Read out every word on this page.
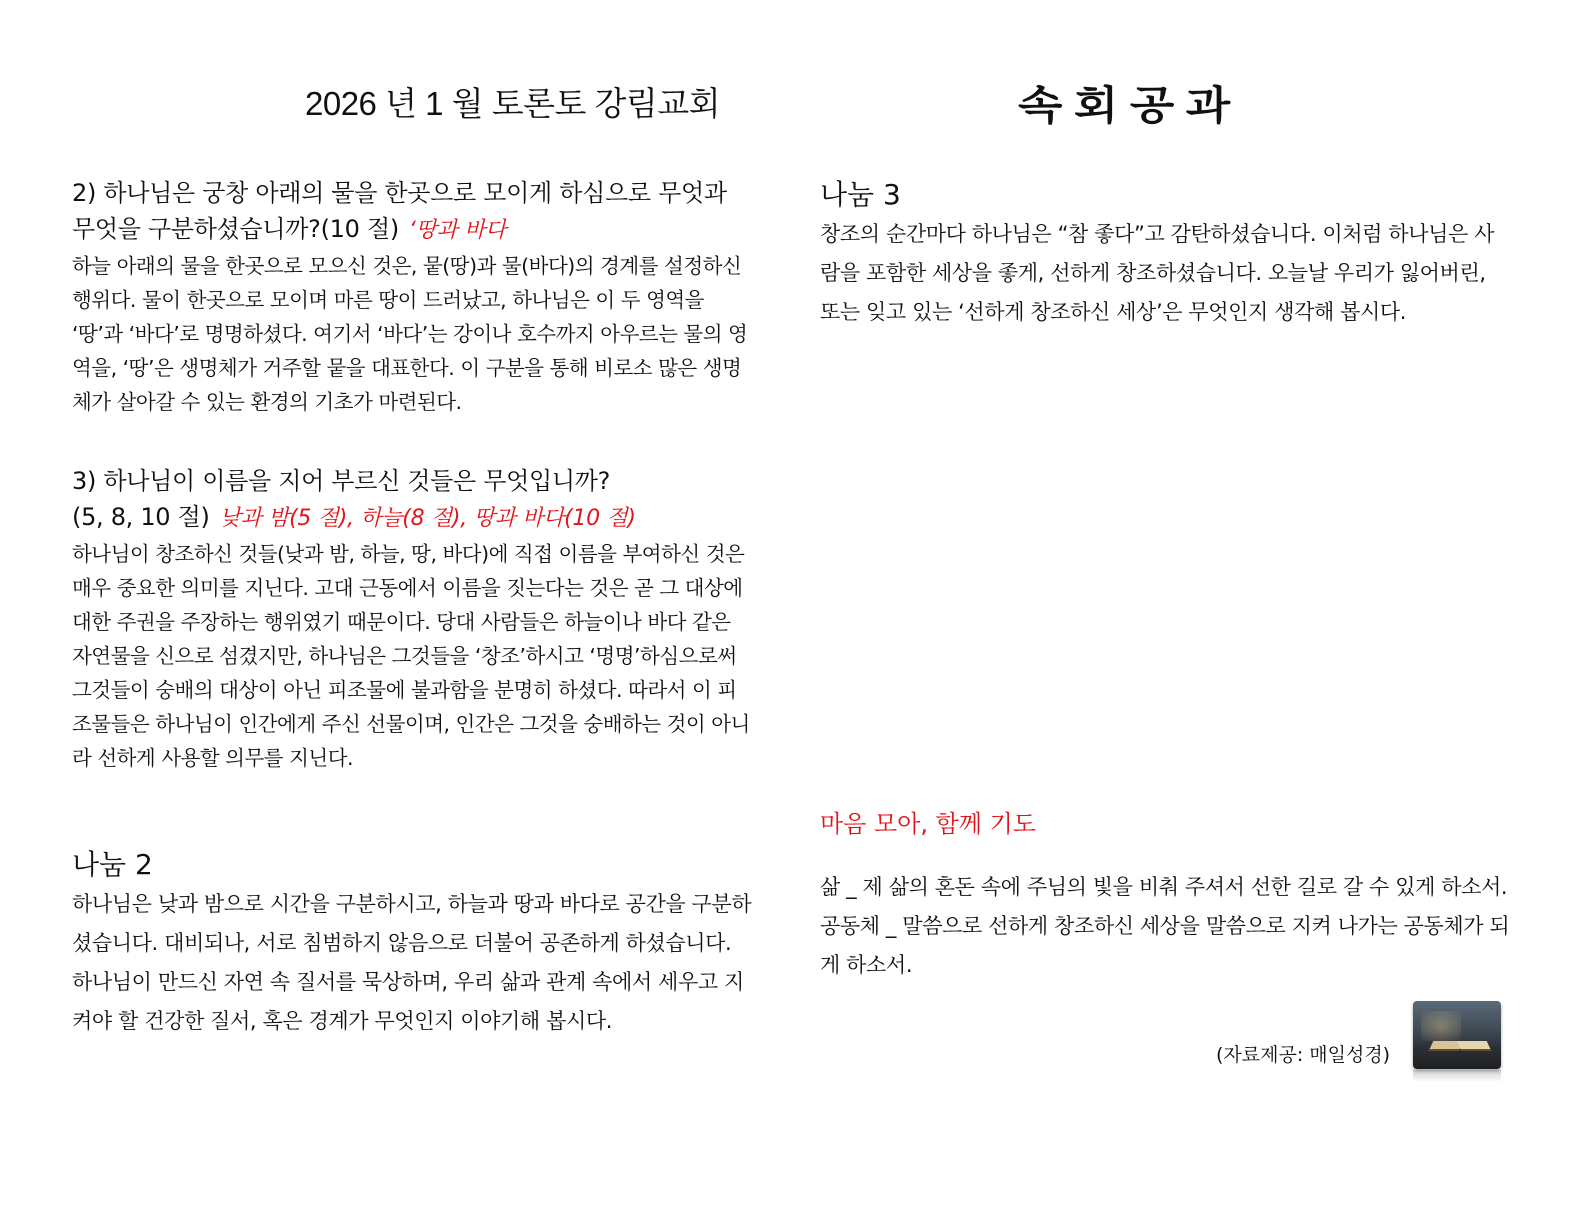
2026 년 1 월 토론토 강림교회	속회공과

2) 하나님은 궁창 아래의 물을 한곳으로 모이게 하심으로 무엇과

무엇을 구분하셨습니까?(10 절) ‘땅과 바다

하늘 아래의 물을 한곳으로 모으신 것은, 뭍(땅)과 물(바다)의 경계를 설정하신 행위다. 물이 한곳으로 모이며 마른 땅이 드러났고, 하나님은 이 두 영역을 ‘땅’과 ‘바다’로 명명하셨다. 여기서 ‘바다’는 강이나 호수까지 아우르는 물의 영역을, ‘땅’은 생명체가 거주할 뭍을 대표한다. 이 구분을 통해 비로소 많은 생명체가 살아갈 수 있는 환경의 기초가 마련된다.

3) 하나님이 이름을 지어 부르신 것들은 무엇입니까?

(5, 8, 10 절) 낮과 밤(5 절), 하늘(8 절), 땅과 바다(10 절)

하나님이 창조하신 것들(낮과 밤, 하늘, 땅, 바다)에 직접 이름을 부여하신 것은 매우 중요한 의미를 지닌다. 고대 근동에서 이름을 짓는다는 것은 곧 그 대상에 대한 주권을 주장하는 행위였기 때문이다. 당대 사람들은 하늘이나 바다 같은 자연물을 신으로 섬겼지만, 하나님은 그것들을 ‘창조’하시고 ‘명명’하심으로써 그것들이 숭배의 대상이 아닌 피조물에 불과함을 분명히 하셨다. 따라서 이 피조물들은 하나님이 인간에게 주신 선물이며, 인간은 그것을 숭배하는 것이 아니라 선하게 사용할 의무를 지닌다.

나눔 2

하나님은 낮과 밤으로 시간을 구분하시고, 하늘과 땅과 바다로 공간을 구분하셨습니다. 대비되나, 서로 침범하지 않음으로 더불어 공존하게 하셨습니다. 하나님이 만드신 자연 속 질서를 묵상하며, 우리 삶과 관계 속에서 세우고 지켜야 할 건강한 질서, 혹은 경계가 무엇인지 이야기해 봅시다.

나눔 3

창조의 순간마다 하나님은 “참 좋다”고 감탄하셨습니다. 이처럼 하나님은 사람을 포함한 세상을 좋게, 선하게 창조하셨습니다. 오늘날 우리가 잃어버린, 또는 잊고 있는 ‘선하게 창조하신 세상’은 무엇인지 생각해 봅시다.

마음 모아, 함께 기도

삶 _ 제 삶의 혼돈 속에 주님의 빛을 비춰 주셔서 선한 길로 갈 수 있게 하소서.

공동체 _ 말씀으로 선하게 창조하신 세상을 말씀으로 지켜 나가는 공동체가 되게 하소서.

(자료제공: 매일성경)
